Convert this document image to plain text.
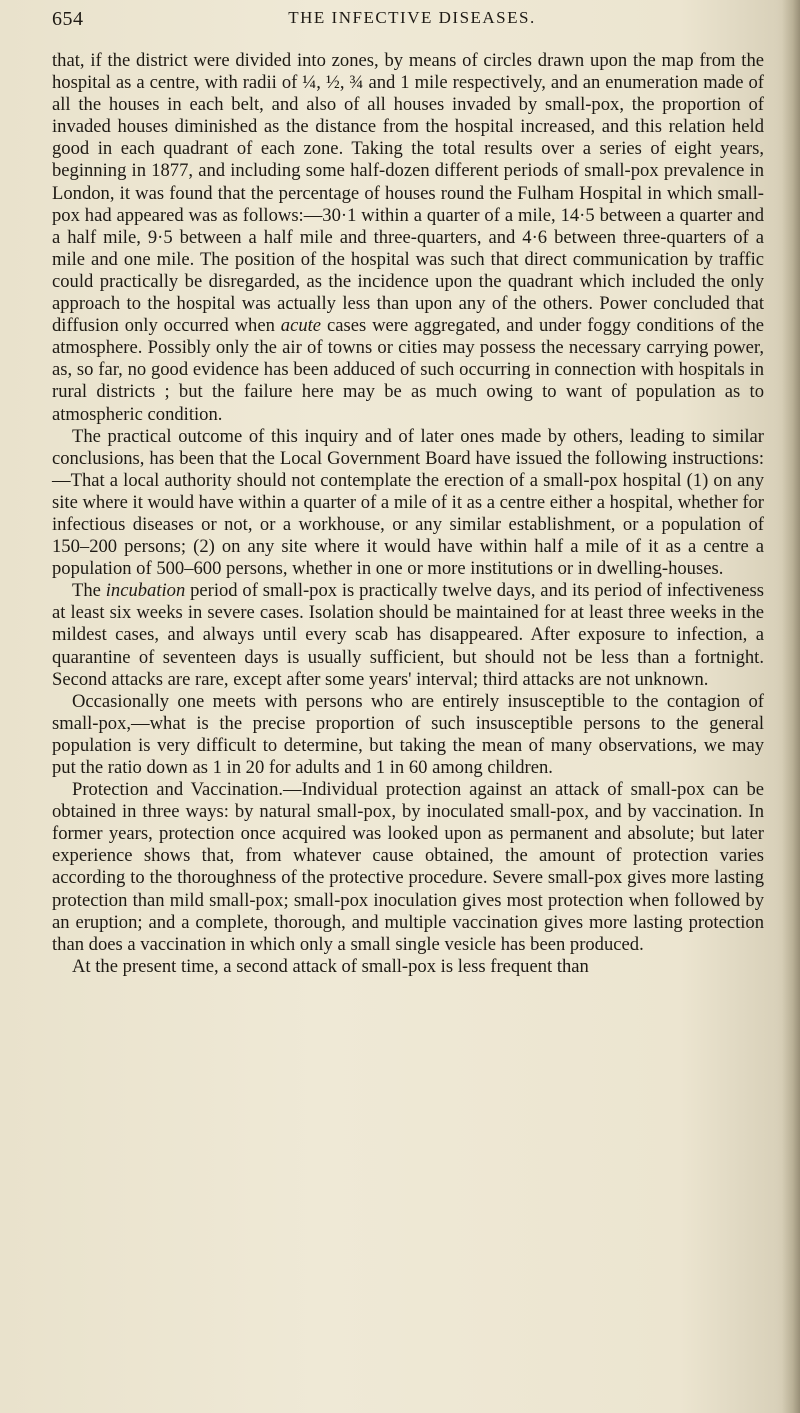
654	THE INFECTIVE DISEASES.

that, if the district were divided into zones, by means of circles drawn upon the map from the hospital as a centre, with radii of ¼, ½, ¾ and 1 mile respectively, and an enumeration made of all the houses in each belt, and also of all houses invaded by small-pox, the proportion of invaded houses diminished as the distance from the hospital increased, and this relation held good in each quadrant of each zone. Taking the total results over a series of eight years, beginning in 1877, and including some half-dozen different periods of small-pox prevalence in London, it was found that the percentage of houses round the Fulham Hospital in which small-pox had appeared was as follows:—30·1 within a quarter of a mile, 14·5 between a quarter and a half mile, 9·5 between a half mile and three-quarters, and 4·6 between three-quarters of a mile and one mile. The position of the hospital was such that direct communication by traffic could practically be disregarded, as the incidence upon the quadrant which included the only approach to the hospital was actually less than upon any of the others. Power concluded that diffusion only occurred when acute cases were aggregated, and under foggy conditions of the atmosphere. Possibly only the air of towns or cities may possess the necessary carrying power, as, so far, no good evidence has been adduced of such occurring in connection with hospitals in rural districts ; but the failure here may be as much owing to want of population as to atmospheric condition.

The practical outcome of this inquiry and of later ones made by others, leading to similar conclusions, has been that the Local Government Board have issued the following instructions:—That a local authority should not contemplate the erection of a small-pox hospital (1) on any site where it would have within a quarter of a mile of it as a centre either a hospital, whether for infectious diseases or not, or a workhouse, or any similar establishment, or a population of 150–200 persons; (2) on any site where it would have within half a mile of it as a centre a population of 500–600 persons, whether in one or more institutions or in dwelling-houses.

The incubation period of small-pox is practically twelve days, and its period of infectiveness at least six weeks in severe cases. Isolation should be maintained for at least three weeks in the mildest cases, and always until every scab has disappeared. After exposure to infection, a quarantine of seventeen days is usually sufficient, but should not be less than a fortnight. Second attacks are rare, except after some years' interval; third attacks are not unknown.

Occasionally one meets with persons who are entirely insusceptible to the contagion of small-pox,—what is the precise proportion of such insusceptible persons to the general population is very difficult to determine, but taking the mean of many observations, we may put the ratio down as 1 in 20 for adults and 1 in 60 among children.

Protection and Vaccination.—Individual protection against an attack of small-pox can be obtained in three ways: by natural small-pox, by inoculated small-pox, and by vaccination. In former years, protection once acquired was looked upon as permanent and absolute; but later experience shows that, from whatever cause obtained, the amount of protection varies according to the thoroughness of the protective procedure. Severe small-pox gives more lasting protection than mild small-pox; small-pox inoculation gives most protection when followed by an eruption; and a complete, thorough, and multiple vaccination gives more lasting protection than does a vaccination in which only a small single vesicle has been produced.

At the present time, a second attack of small-pox is less frequent than
